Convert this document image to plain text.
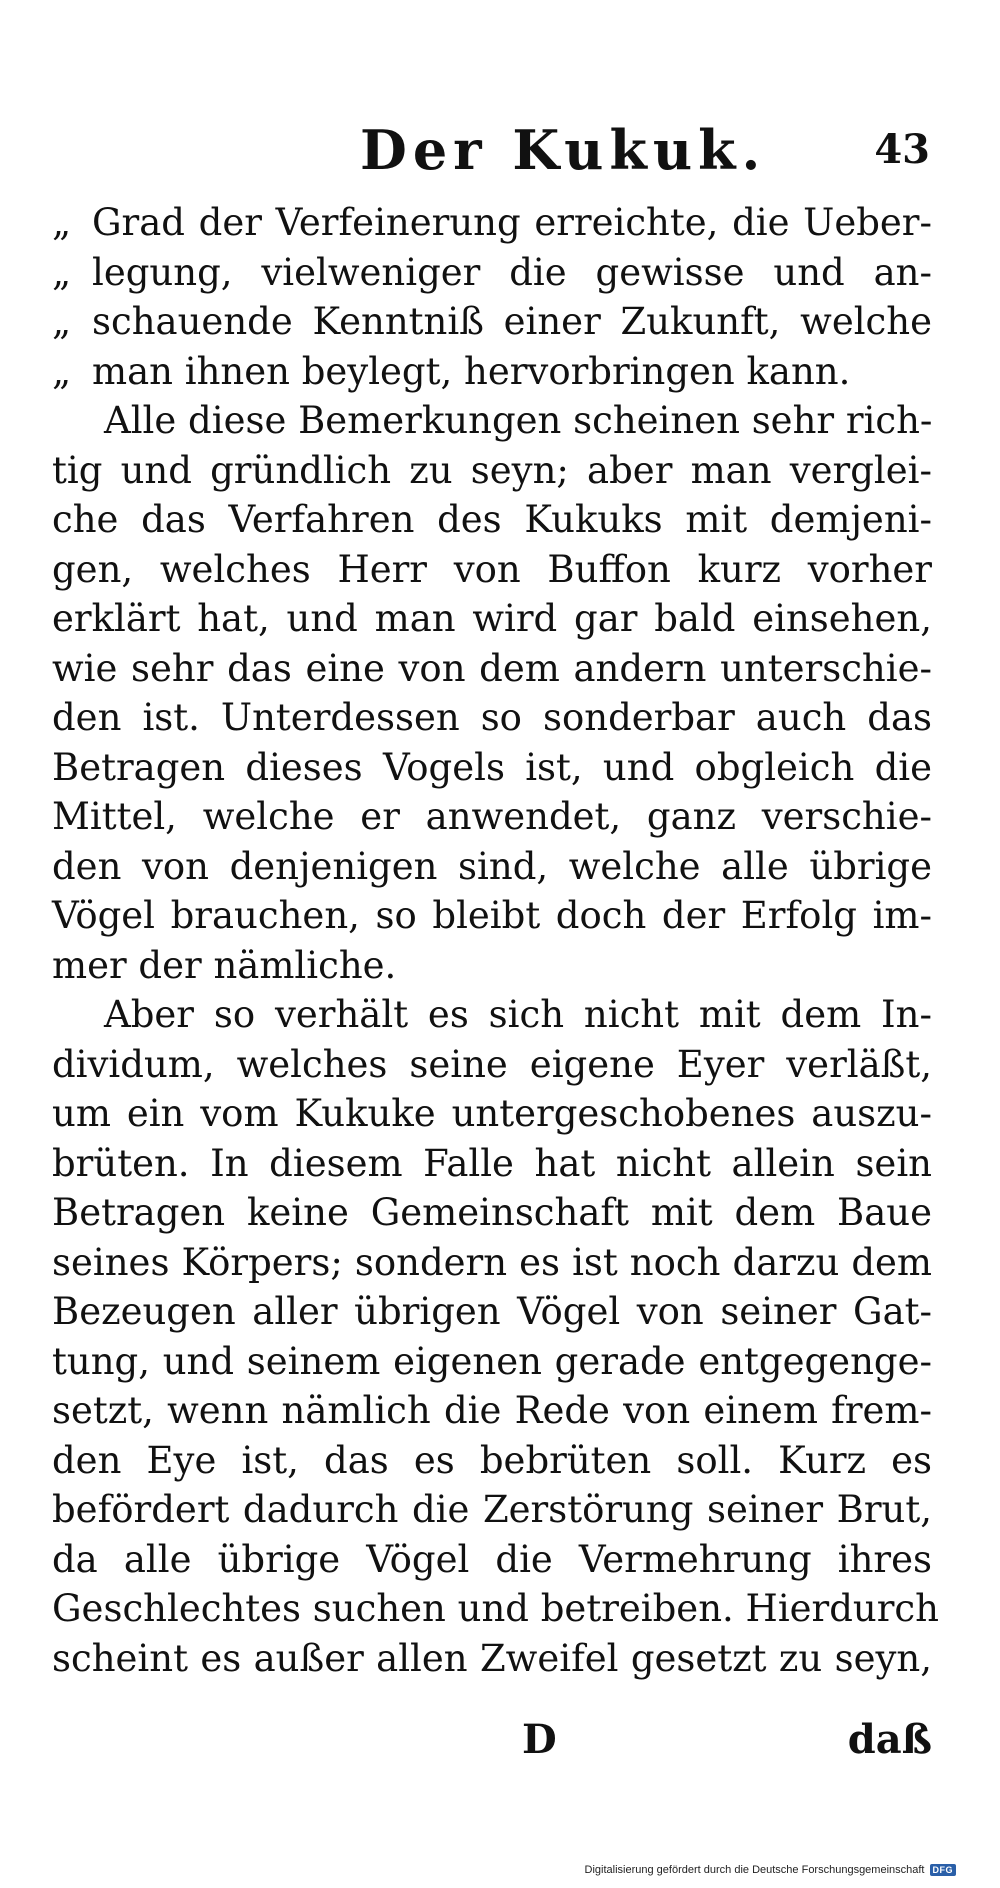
Der Kukuk.	43
„ Grad der Verfeinerung erreichte, die Ueber-
„ legung, vielweniger die gewisse und an-
„ schauende Kenntniß einer Zukunft, welche
„ man ihnen beylegt, hervorbringen kann.
Alle diese Bemerkungen scheinen sehr rich-
tig und gründlich zu seyn; aber man verglei-
che das Verfahren des Kukuks mit demjeni-
gen, welches Herr von Buffon kurz vorher
erklärt hat, und man wird gar bald einsehen,
wie sehr das eine von dem andern unterschie-
den ist. Unterdessen so sonderbar auch das
Betragen dieses Vogels ist, und obgleich die
Mittel, welche er anwendet, ganz verschie-
den von denjenigen sind, welche alle übrige
Vögel brauchen, so bleibt doch der Erfolg im-
mer der nämliche.
Aber so verhält es sich nicht mit dem In-
dividum, welches seine eigene Eyer verläßt,
um ein vom Kukuke untergeschobenes auszu-
brüten. In diesem Falle hat nicht allein sein
Betragen keine Gemeinschaft mit dem Baue
seines Körpers; sondern es ist noch darzu dem
Bezeugen aller übrigen Vögel von seiner Gat-
tung, und seinem eigenen gerade entgegenge-
setzt, wenn nämlich die Rede von einem frem-
den Eye ist, das es bebrüten soll. Kurz es
befördert dadurch die Zerstörung seiner Brut,
da alle übrige Vögel die Vermehrung ihres
Geschlechtes suchen und betreiben. Hierdurch
scheint es außer allen Zweifel gesetzt zu seyn,
D	daß
Digitalisierung gefördert durch die Deutsche Forschungsgemeinschaft DFG
